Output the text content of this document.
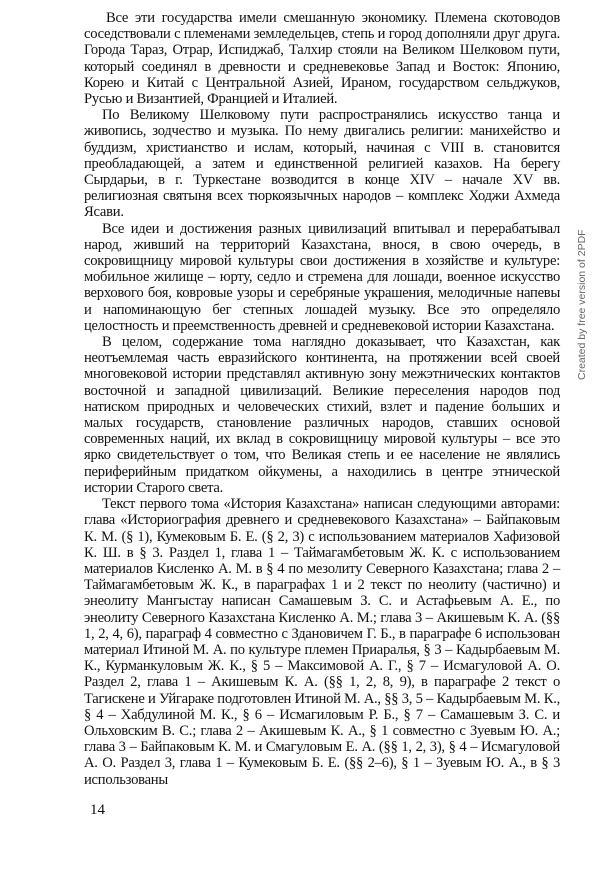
Все эти государства имели смешанную экономику. Племена скотоводов соседствовали с племенами земледельцев, степь и город дополняли друг друга. Города Тараз, Отрар, Испиджаб, Талхир стояли на Великом Шелковом пути, который соединял в древности и средневековье Запад и Восток: Японию, Корею и Китай с Центральной Азией, Ираном, государством сельджуков, Русью и Византией, Францией и Италией.

По Великому Шелковому пути распространялись искусство танца и живопись, зодчество и музыка. По нему двигались религии: манихейство и буддизм, христианство и ислам, который, начиная с VIII в. становится преобладающей, а затем и единственной религией казахов. На берегу Сырдарьи, в г. Туркестане возводится в конце XIV – начале XV вв. религиозная святыня всех тюркоязычных народов – комплекс Ходжи Ахмеда Ясави.

Все идеи и достижения разных цивилизаций впитывал и перерабатывал народ, живший на территорий Казахстана, внося, в свою очередь, в сокровищницу мировой культуры свои достижения в хозяйстве и культуре: мобильное жилище – юрту, седло и стремена для лошади, военное искусство верхового боя, ковровые узоры и серебряные украшения, мелодичные напевы и напоминающую бег степных лошадей музыку. Все это определяло целостность и преемственность древней и средневековой истории Казахстана.

В целом, содержание тома наглядно доказывает, что Казахстан, как неотъемлемая часть евразийского континента, на протяжении всей своей многовековой истории представлял активную зону межэтнических контактов восточной и западной цивилизаций. Великие переселения народов под натиском природных и человеческих стихий, взлет и падение больших и малых государств, становление различных народов, ставших основой современных наций, их вклад в сокровищницу мировой культуры – все это ярко свидетельствует о том, что Великая степь и ее население не являлись периферийным придатком ойкумены, а находились в центре этнической истории Старого света.

Текст первого тома «История Казахстана» написан следующими авторами: глава «Историография древнего и средневекового Казахстана» – Байпаковым К. М. (§ 1), Кумековым Б. Е. (§ 2, 3) с использованием материалов Хафизовой К. Ш. в § 3. Раздел 1, глава 1 – Таймагамбетовым Ж. К. с использованием материалов Кисленко А. М. в § 4 по мезолиту Северного Казахстана; глава 2 – Таймагамбетовым Ж. К., в параграфах 1 и 2 текст по неолиту (частично) и энеолиту Мангыстау написан Самашевым З. С. и Астафьевым А. Е., по энеолиту Северного Казахстана Кисленко А. М.; глава 3 – Акишевым К. А. (§§ 1, 2, 4, 6), параграф 4 совместно с Здановичем Г. Б., в параграфе 6 использован материал Итиной М. А. по культуре племен Приаралья, § 3 – Кадырбаевым М. К., Курманкуловым Ж. К., § 5 – Максимовой А. Г., § 7 – Исмагуловой А. О. Раздел 2, глава 1 – Акишевым К. А. (§§ 1, 2, 8, 9), в параграфе 2 текст о Тагискене и Уйгараке подготовлен Итиной М. А., §§ 3, 5 – Кадырбаевым М. К., § 4 – Хабдулиной М. К., § 6 – Исмагиловым Р. Б., § 7 – Самашевым З. С. и Ольховским В. С.; глава 2 – Акишевым К. А., § 1 совместно с Зуевым Ю. А.; глава 3 – Байпаковым К. М. и Смагуловым Е. А. (§§ 1, 2, 3), § 4 – Исмагуловой А. О. Раздел 3, глава 1 – Кумековым Б. Е. (§§ 2–6), § 1 – Зуевым Ю. А., в § 3 использованы

14
Created by free version of 2PDF
